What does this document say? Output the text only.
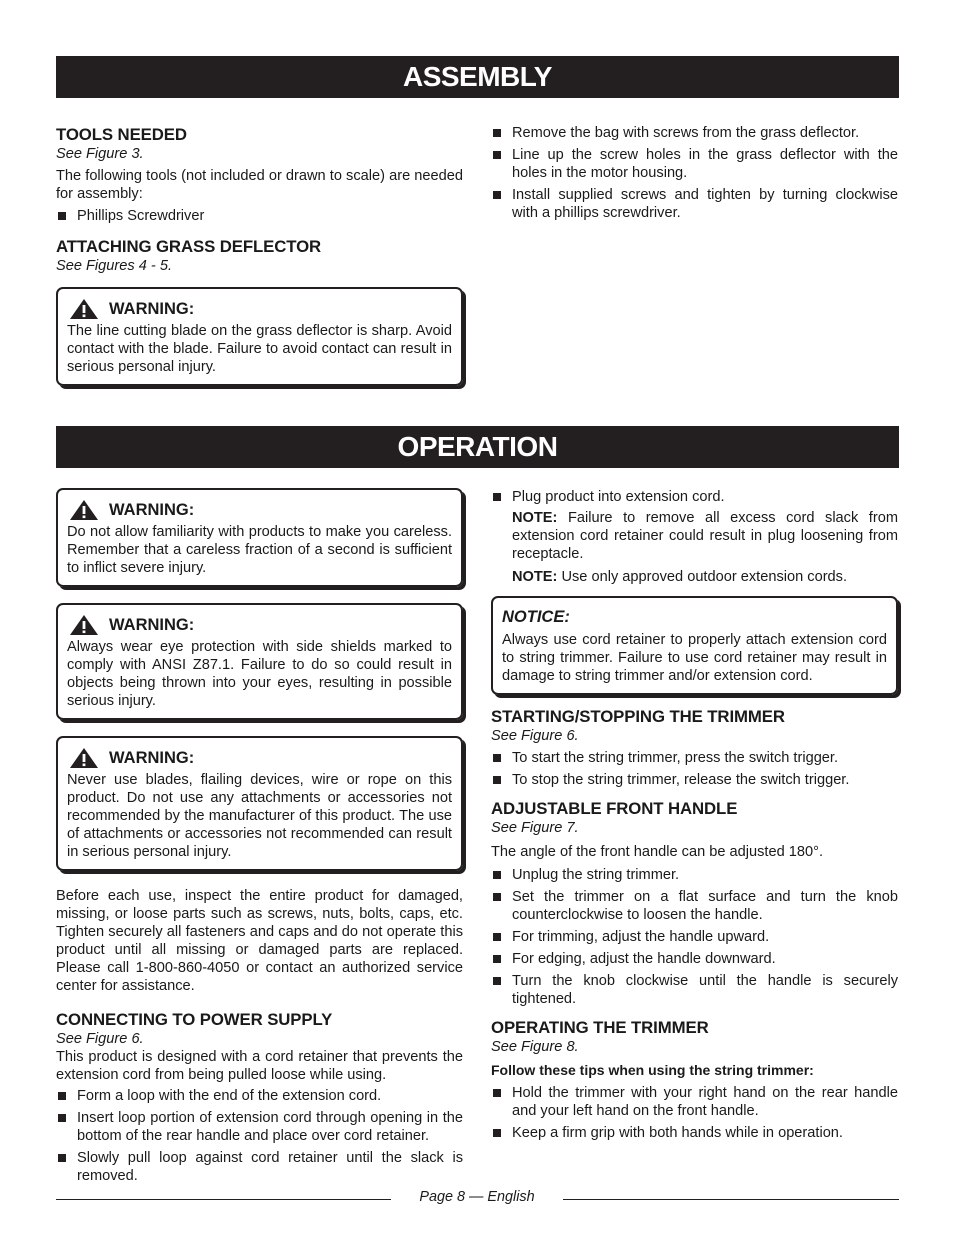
ASSEMBLY
TOOLS NEEDED
See Figure 3.

The following tools (not included or drawn to scale) are needed for assembly:

Phillips Screwdriver
ATTACHING GRASS DEFLECTOR
See Figures 4 - 5.
WARNING:

The line cutting blade on the grass deflector is sharp. Avoid contact with the blade. Failure to avoid contact can result in serious personal injury.

Remove the bag with screws from the grass deflector.
Line up the screw holes in the grass deflector with the holes in the motor housing.
Install supplied screws and tighten by turning clockwise with a phillips screwdriver.
OPERATION
WARNING:

Do not allow familiarity with products to make you careless. Remember that a careless fraction of a second is sufficient to inflict severe injury.

WARNING:

Always wear eye protection with side shields marked to comply with ANSI Z87.1. Failure to do so could result in objects being thrown into your eyes, resulting in possible serious injury.

WARNING:

Never use blades, flailing devices, wire or rope on this product. Do not use any attachments or accessories not recommended by the manufacturer of this product. The use of attachments or accessories not recommended can result in serious personal injury.

Before each use, inspect the entire product for damaged, missing, or loose parts such as screws, nuts, bolts, caps, etc. Tighten securely all fasteners and caps and do not operate this product until all missing or damaged parts are replaced. Please call 1-800-860-4050 or contact an authorized service center for assistance.

CONNECTING TO POWER SUPPLY
See Figure 6.

This product is designed with a cord retainer that prevents the extension cord from being pulled loose while using.

Form a loop with the end of the extension cord.
Insert loop portion of extension cord through opening in the bottom of the rear handle and place over cord retainer.
Slowly pull loop against cord retainer until the slack is removed.
Plug product into extension cord.
NOTE: Failure to remove all excess cord slack from extension cord retainer could result in plug loosening from receptacle.
NOTE: Use only approved outdoor extension cords.
NOTICE:

Always use cord retainer to properly attach extension cord to string trimmer. Failure to use cord retainer may result in damage to string trimmer and/or extension cord.

STARTING/STOPPING THE TRIMMER
See Figure 6.
To start the string trimmer, press the switch trigger.
To stop the string trimmer, release the switch trigger.
ADJUSTABLE FRONT HANDLE
See Figure 7.

The angle of the front handle can be adjusted 180°.

Unplug the string trimmer.
Set the trimmer on a flat surface and turn the knob counterclockwise to loosen the handle.
For trimming, adjust the handle upward.
For edging, adjust the handle downward.
Turn the knob clockwise until the handle is securely tightened.
OPERATING THE TRIMMER
See Figure 8.

Follow these tips when using the string trimmer:

Hold the trimmer with your right hand on the rear handle and your left hand on the front handle.
Keep a firm grip with both hands while in operation.
Page 8 — English
